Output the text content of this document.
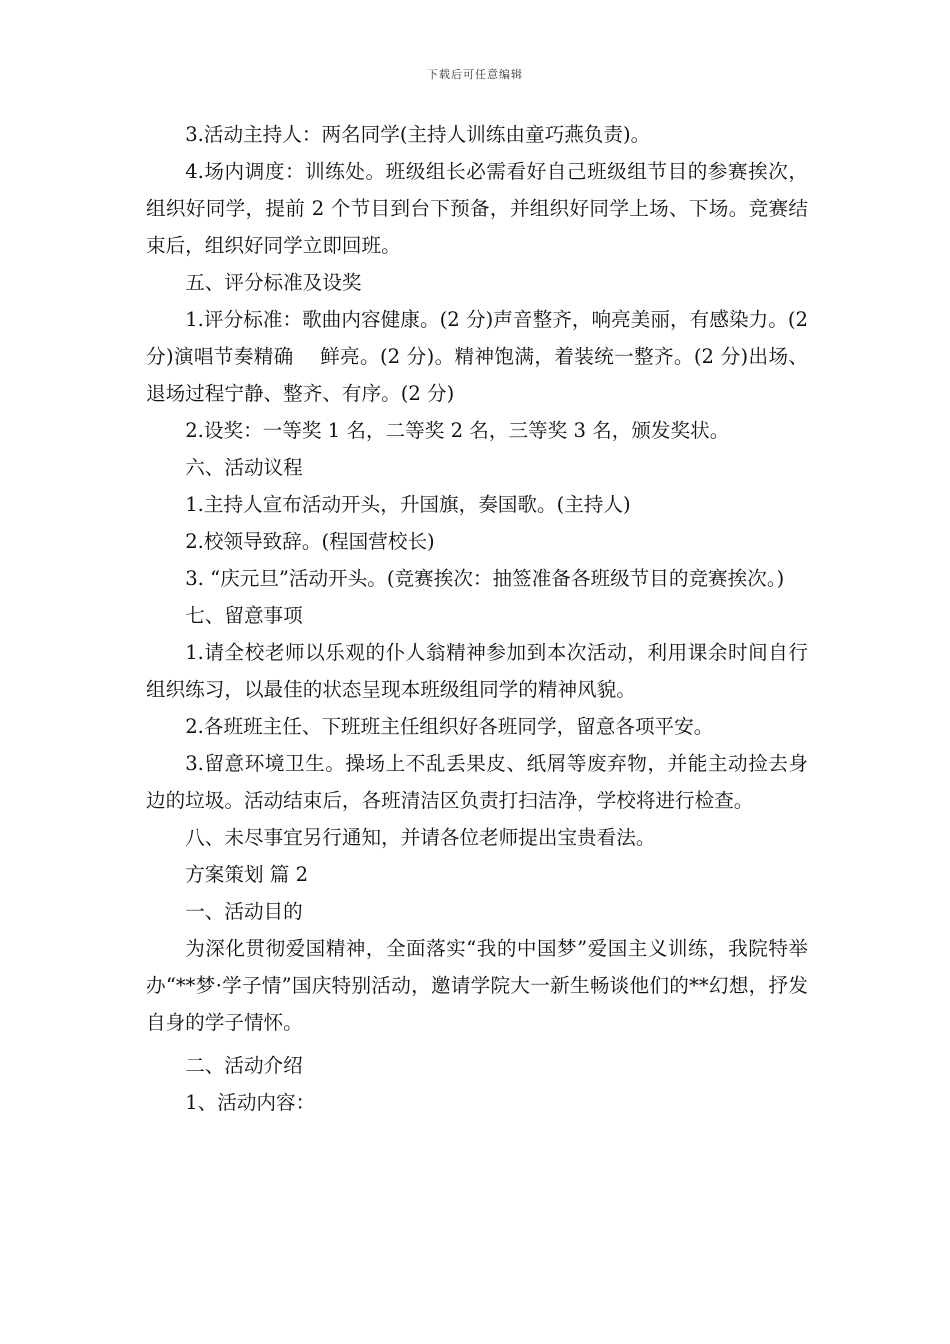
下载后可任意编辑

3.活动主持人：两名同学(主持人训练由童巧燕负责)。

4.场内调度：训练处。班级组长必需看好自己班级组节目的参赛挨次，组织好同学，提前 2 个节目到台下预备，并组织好同学上场、下场。竞赛结束后，组织好同学立即回班。

五、评分标准及设奖

1.评分标准：歌曲内容健康。(2 分)声音整齐，响亮美丽，有感染力。(2 分)演唱节奏精确　 鲜亮。(2 分)。精神饱满，着装统一整齐。(2 分)出场、退场过程宁静、整齐、有序。(2 分)

2.设奖：一等奖 1 名，二等奖 2 名，三等奖 3 名，颁发奖状。

六、活动议程

1.主持人宣布活动开头，升国旗，奏国歌。(主持人)

2.校领导致辞。(程国营校长)

3. “庆元旦”活动开头。(竞赛挨次：抽签准备各班级节目的竞赛挨次。)

七、留意事项

1.请全校老师以乐观的仆人翁精神参加到本次活动，利用课余时间自行组织练习，以最佳的状态呈现本班级组同学的精神风貌。

2.各班班主任、下班班主任组织好各班同学，留意各项平安。

3.留意环境卫生。操场上不乱丢果皮、纸屑等废弃物，并能主动捡去身边的垃圾。活动结束后，各班清洁区负责打扫洁净，学校将进行检查。

八、未尽事宜另行通知，并请各位老师提出宝贵看法。

方案策划 篇 2

一、活动目的

为深化贯彻爱国精神，全面落实“我的中国梦”爱国主义训练，我院特举办“**梦·学子情”国庆特别活动，邀请学院大一新生畅谈他们的**幻想，抒发自身的学子情怀。

二、活动介绍

1、活动内容：
